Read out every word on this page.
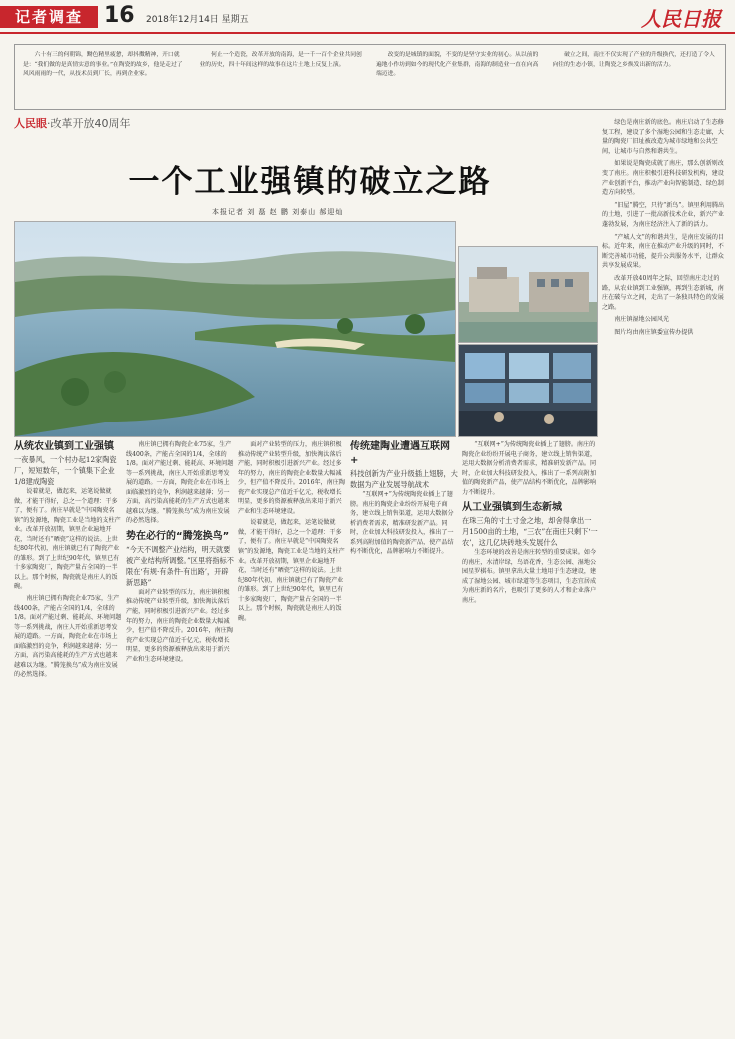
记者调查 16 2018年12月14日 星期五	人民日报

六十有三的何朝锦，黝色精里疲惫，却抖擞精神，开口就是：“我们做的是真情实意的事业。”在陶瓷的故乡，他是走过了风风雨雨的一代，从技术员到厂长，再到企业家。

何止一个造瓷，改革开放的南海，是一千一百个企业共同创业的历史，四十年间这样的故事在这片土地上反复上演。

改变的是城镇的面貌，不变的是坚守实业的初心。从以前的遍地小作坊到如今的现代化产业集群，南海的制造业一直在向高端迈进。

破立之间，南庄不仅实现了产业的升级换代，还打造了令人向往的生态小镇，让陶瓷之乡焕发出新的活力。

人民眼·改革开放40周年
一个工业强镇的破立之路
本报记者 刘 磊 赵 鹏 刘泰山 郝迎灿

绿色是南庄新的底色。南庄启动了生态修复工程，建设了多个湿地公园和生态走廊，大量的陶瓷厂旧址被改造为城市绿地和公共空间，让城市与自然和谐共生。

如果说是陶瓷成就了南庄，那么创新则改变了南庄。南庄积极引进科技研发机构，建设产业创新平台，推动产业向智能制造、绿色制造方向转型。

“旧屋”腾空，只待“新鸟”。镇里利用腾出的土地，引进了一批高新技术企业，新兴产业蓬勃发展，为南庄经济注入了新的活力。

“产城人文”的和谐共生，是南庄发展的目标。近年来，南庄在推动产业升级的同时，不断完善城市功能，提升公共服务水平，让群众共享发展成果。

改革开放40周年之际，回望南庄走过的路，从农业镇到工业强镇，再到生态新城，南庄在破与立之间，走出了一条独具特色的发展之路。

南庄镇湿地公园风光

图片均由南庄镇委宣传办提供

从统农业镇到工业强镇
一夜暴风，一个村办起12家陶瓷厂，短短数年，一个镇集下企业1/8建成陶瓷

说着就是，做起来，运笔说做就做，才能干得好，总之一个道理：干多了，便有了。南庄早就是“中国陶瓷名镇”的发源地，陶瓷工业是当地的支柱产业。改革开放初期，镇里企业遍地开花，当时还有“晒瓷”这样的说法。上世纪80年代初，南庄镇就已有了陶瓷产业的雏形。到了上世纪90年代，镇里已有十多家陶瓷厂，陶瓷产量占全国的一半以上。那个时候，陶瓷就是南庄人的饭碗。

南庄镇已拥有陶瓷企业75家，生产线400条，产能占全国的1/4，全球的1/8。面对产能过剩、能耗高、环境问题等一系列挑战，南庄人开始重新思考发展的道路。一方面，陶瓷企业在市场上面临激烈的竞争，利润越来越薄；另一方面，高污染高能耗的生产方式也越来越难以为继。“腾笼换鸟”成为南庄发展的必然选择。

南庄镇已拥有陶瓷企业75家，生产线400条，产能占全国的1/4，全球的1/8。面对产能过剩、能耗高、环境问题等一系列挑战，南庄人开始重新思考发展的道路。一方面，陶瓷企业在市场上面临激烈的竞争，利润越来越薄；另一方面，高污染高能耗的生产方式也越来越难以为继。“腾笼换鸟”成为南庄发展的必然选择。

势在必行的“腾笼换鸟”
“今天不调整产业结构，明天就要被产业结构所调整。”区里将指标不限在‘有规·有条件·有出路’，开辟新思路”

面对产业转型的压力，南庄镇积极推动传统产业转型升级，加快淘汰落后产能，同时积极引进新兴产业。经过多年的努力，南庄的陶瓷企业数量大幅减少，但产值不降反升。2016年，南庄陶瓷产业实现总产值近千亿元，税收增长明显，更多的资源被释放出来用于新兴产业和生态环境建设。

面对产业转型的压力，南庄镇积极推动传统产业转型升级，加快淘汰落后产能，同时积极引进新兴产业。经过多年的努力，南庄的陶瓷企业数量大幅减少，但产值不降反升。2016年，南庄陶瓷产业实现总产值近千亿元，税收增长明显，更多的资源被释放出来用于新兴产业和生态环境建设。

说着就是，做起来，运笔说做就做，才能干得好，总之一个道理：干多了，便有了。南庄早就是“中国陶瓷名镇”的发源地，陶瓷工业是当地的支柱产业。改革开放初期，镇里企业遍地开花，当时还有“晒瓷”这样的说法。上世纪80年代初，南庄镇就已有了陶瓷产业的雏形。到了上世纪90年代，镇里已有十多家陶瓷厂，陶瓷产量占全国的一半以上。那个时候，陶瓷就是南庄人的饭碗。

传统建陶业遭遇互联网+
科技创新为产业升级插上翅膀，大数据为产业发展导航战术

“互联网+”为传统陶瓷业插上了翅膀。南庄的陶瓷企业纷纷开展电子商务，建立线上销售渠道，运用大数据分析消费者需求，精准研发新产品。同时，企业加大科技研发投入，推出了一系列高附加值的陶瓷新产品，使产品结构不断优化，品牌影响力不断提升。

“互联网+”为传统陶瓷业插上了翅膀。南庄的陶瓷企业纷纷开展电子商务，建立线上销售渠道，运用大数据分析消费者需求，精准研发新产品。同时，企业加大科技研发投入，推出了一系列高附加值的陶瓷新产品，使产品结构不断优化，品牌影响力不断提升。

从工业强镇到生态新城
在珠三角的寸土寸金之地，却舍得拿出一月1500亩的土地，“三农”在南庄只剩下‘一农’，这几亿块砖地头发展什么

生态环境的改善是南庄转型的重要成果。如今的南庄，水清岸绿，鸟语花香，生态公园、湿地公园星罗棋布。镇里拿出大量土地用于生态建设，建成了湿地公园、城市绿道等生态项目，生态宜居成为南庄新的名片，也吸引了更多的人才和企业落户南庄。
